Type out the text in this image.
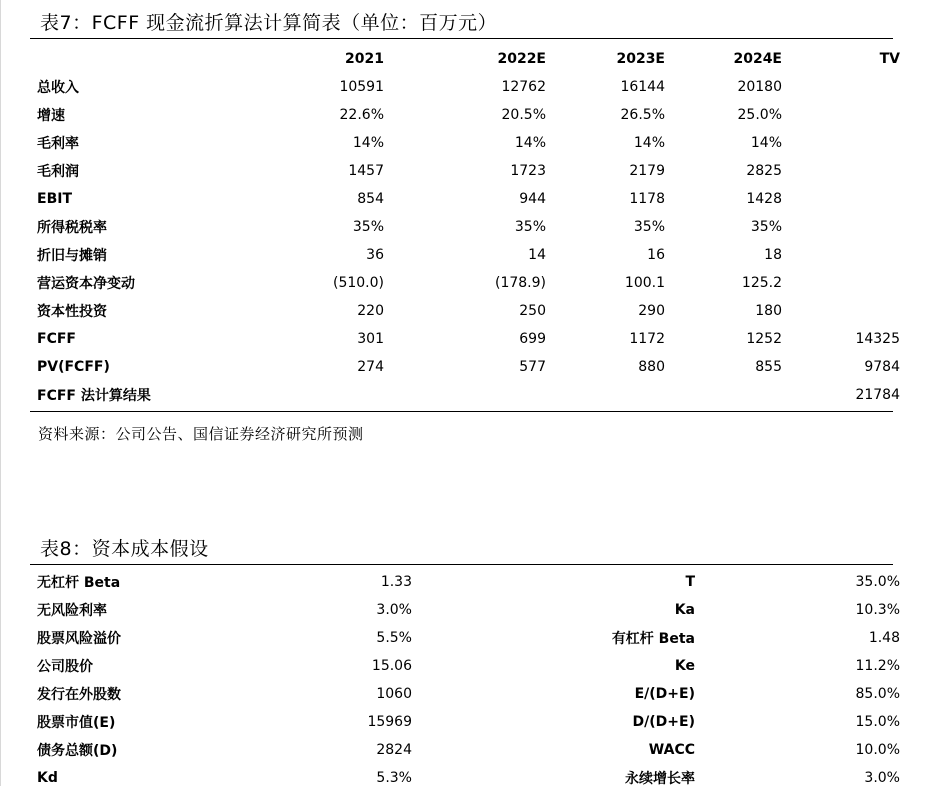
表7：FCFF 现金流折算法计算简表（单位：百万元）
	2021	2022E	2023E	2024E	TV
总收入	10591	12762	16144	20180	
增速	22.6%	20.5%	26.5%	25.0%	
毛利率	14%	14%	14%	14%	
毛利润	1457	1723	2179	2825	
EBIT	854	944	1178	1428	
所得税税率	35%	35%	35%	35%	
折旧与摊销	36	14	16	18	
营运资本净变动	(510.0)	(178.9)	100.1	125.2	
资本性投资	220	250	290	180	
FCFF	301	699	1172	1252	14325
PV(FCFF)	274	577	880	855	9784
FCFF 法计算结果					21784
资料来源：公司公告、国信证券经济研究所预测
表8：资本成本假设
无杠杆 Beta	1.33	T	35.0%
无风险利率	3.0%	Ka	10.3%
股票风险溢价	5.5%	有杠杆 Beta	1.48
公司股价	15.06	Ke	11.2%
发行在外股数	1060	E/(D+E)	85.0%
股票市值(E)	15969	D/(D+E)	15.0%
债务总额(D)	2824	WACC	10.0%
Kd	5.3%	永续增长率	3.0%
